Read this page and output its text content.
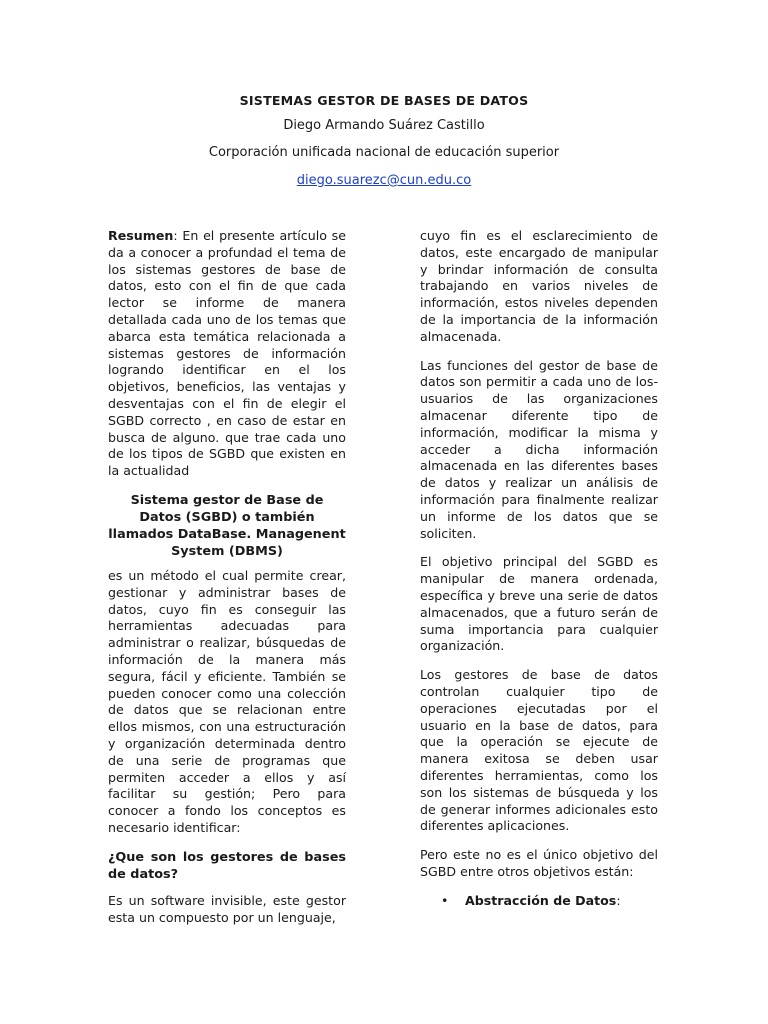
SISTEMAS GESTOR DE BASES DE DATOS
Diego Armando Suárez Castillo
Corporación unificada nacional de educación superior
diego.suarezc@cun.edu.co

Resumen: En el presente artículo se da a conocer a profundad el tema de los sistemas gestores de base de datos, esto con el fin de que cada lector se informe de manera detallada cada uno de los temas que abarca esta temática relacionada a sistemas gestores de información logrando identificar en el los objetivos, beneficios, las ventajas y desventajas con el fin de elegir el SGBD correcto , en caso de estar en busca de alguno. que trae cada uno de los tipos de SGBD que existen en la actualidad

Sistema gestor de Base de Datos (SGBD) o también llamados DataBase. Managenent System (DBMS)

es un método el cual permite crear, gestionar y administrar bases de datos, cuyo fin es conseguir las herramientas adecuadas para administrar o realizar, búsquedas de información de la manera más segura, fácil y eficiente. También se pueden conocer como una colección de datos que se relacionan entre ellos mismos, con una estructuración y organización determinada dentro de una serie de programas que permiten acceder a ellos y así facilitar su gestión; Pero para conocer a fondo los conceptos es necesario identificar:

¿Que son los gestores de bases de datos?

Es un software invisible, este gestor esta un compuesto por un lenguaje,

cuyo fin es el esclarecimiento de datos, este encargado de manipular y brindar información de consulta trabajando en varios niveles de información, estos niveles dependen de la importancia de la información almacenada.

Las funciones del gestor de base de datos son permitir a cada uno de los- usuarios de las organizaciones almacenar diferente tipo de información, modificar la misma y acceder a dicha información almacenada en las diferentes bases de datos y realizar un análisis de información para finalmente realizar un informe de los datos que se soliciten.

El objetivo principal del SGBD es manipular de manera ordenada, específica y breve una serie de datos almacenados, que a futuro serán de suma importancia para cualquier organización.

Los gestores de base de datos controlan cualquier tipo de operaciones ejecutadas por el usuario en la base de datos, para que la operación se ejecute de manera exitosa se deben usar diferentes herramientas, como los son los sistemas de búsqueda y los de generar informes adicionales esto diferentes aplicaciones.

Pero este no es el único objetivo del SGBD entre otros objetivos están:

• Abstracción de Datos:
